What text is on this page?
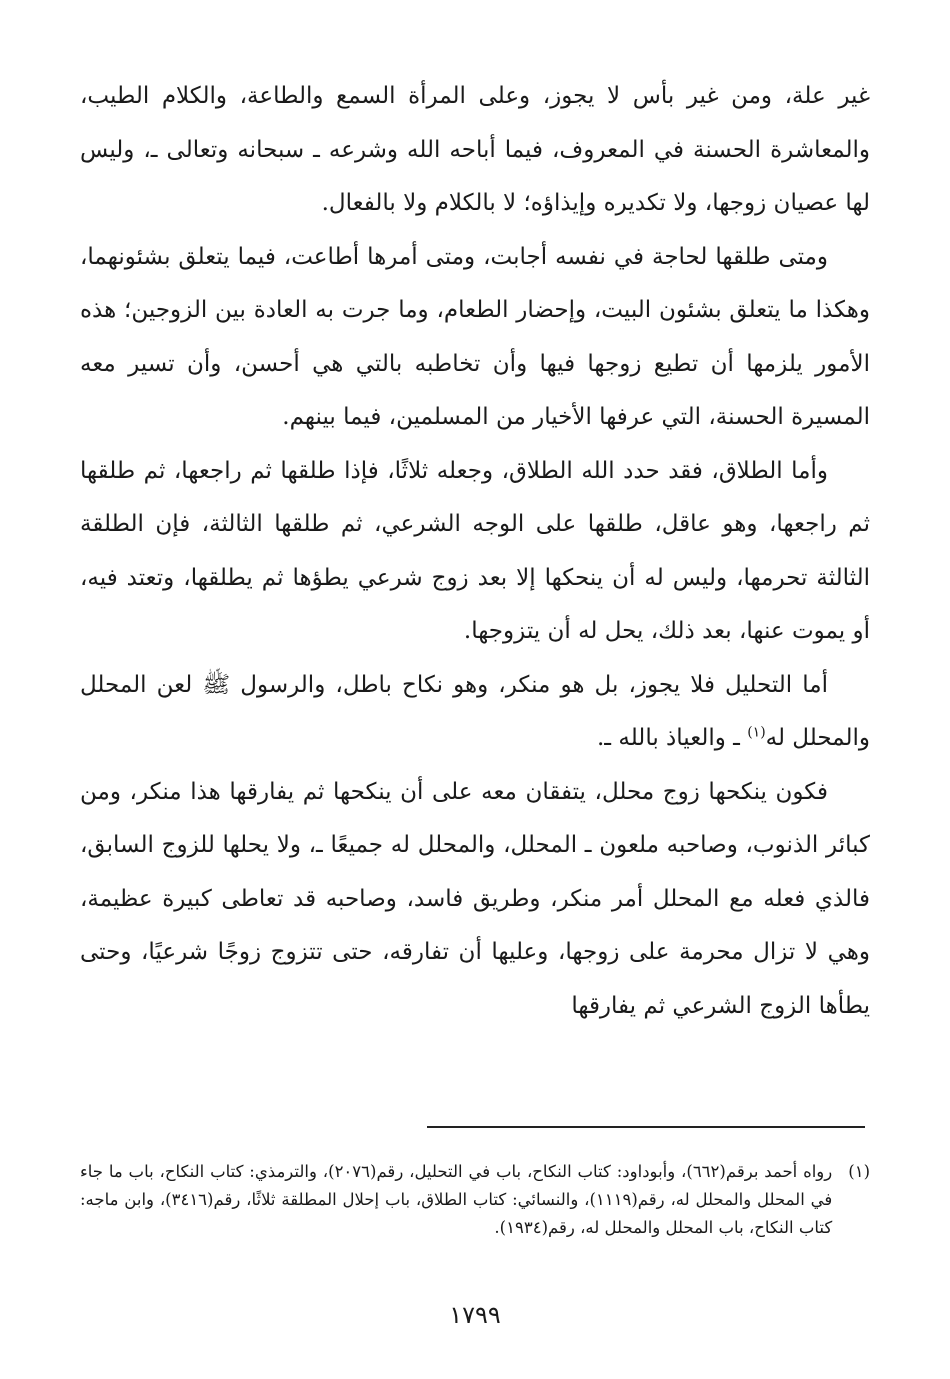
غير علة، ومن غير بأس لا يجوز، وعلى المرأة السمع والطاعة، والكلام الطيب، والمعاشرة الحسنة في المعروف، فيما أباحه الله وشرعه ـ سبحانه وتعالى ـ، وليس لها عصيان زوجها، ولا تكديره وإيذاؤه؛ لا بالكلام ولا بالفعال.

ومتى طلقها لحاجة في نفسه أجابت، ومتى أمرها أطاعت، فيما يتعلق بشئونهما، وهكذا ما يتعلق بشئون البيت، وإحضار الطعام، وما جرت به العادة بين الزوجين؛ هذه الأمور يلزمها أن تطيع زوجها فيها وأن تخاطبه بالتي هي أحسن، وأن تسير معه المسيرة الحسنة، التي عرفها الأخيار من المسلمين، فيما بينهم.

وأما الطلاق، فقد حدد الله الطلاق، وجعله ثلاثًا، فإذا طلقها ثم راجعها، ثم طلقها ثم راجعها، وهو عاقل، طلقها على الوجه الشرعي، ثم طلقها الثالثة، فإن الطلقة الثالثة تحرمها، وليس له أن ينحكها إلا بعد زوج شرعي يطؤها ثم يطلقها، وتعتد فيه، أو يموت عنها، بعد ذلك، يحل له أن يتزوجها.

أما التحليل فلا يجوز، بل هو منكر، وهو نكاح باطل، والرسول ﷺ لعن المحلل والمحلل له$^{(١)}$ ـ والعياذ بالله ـ.

فكون ينكحها زوج محلل، يتفقان معه على أن ينكحها ثم يفارقها هذا منكر، ومن كبائر الذنوب، وصاحبه ملعون ـ المحلل، والمحلل له جميعًا ـ، ولا يحلها للزوج السابق، فالذي فعله مع المحلل أمر منكر، وطريق فاسد، وصاحبه قد تعاطى كبيرة عظيمة، وهي لا تزال محرمة على زوجها، وعليها أن تفارقه، حتى تتزوج زوجًا شرعيًا، وحتى يطأها الزوج الشرعي ثم يفارقها

(١)
رواه أحمد برقم(٦٦٢)، وأبوداود: كتاب النكاح، باب في التحليل، رقم(٢٠٧٦)، والترمذي: كتاب النكاح، باب ما جاء في المحلل والمحلل له، رقم(١١١٩)، والنسائي: كتاب الطلاق، باب إحلال المطلقة ثلاثًا، رقم(٣٤١٦)، وابن ماجه: كتاب النكاح، باب المحلل والمحلل له، رقم(١٩٣٤).
١٧٩٩
